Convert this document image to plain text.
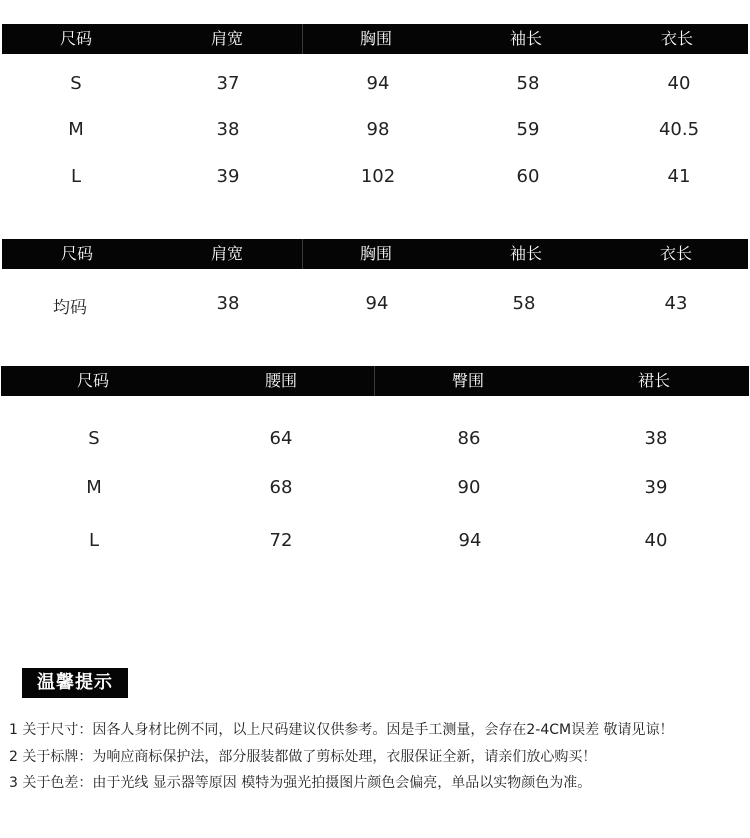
尺码	肩宽	胸围	袖长	衣长
S	37	94	58	40
M	38	98	59	40.5
L	39	102	60	41
尺码	肩宽	胸围	袖长	衣长
均码	38	94	58	43
尺码	腰围	臀围	裙长
S	64	86	38
M	68	90	39
L	72	94	40
温馨提示
1 关于尺寸：因各人身材比例不同，以上尺码建议仅供参考。因是手工测量，会存在2-4CM误差 敬请见谅！
2 关于标牌：为响应商标保护法，部分服装都做了剪标处理，衣服保证全新，请亲们放心购买！
3 关于色差：由于光线 显示器等原因 模特为强光拍摄图片颜色会偏亮，单品以实物颜色为准。
